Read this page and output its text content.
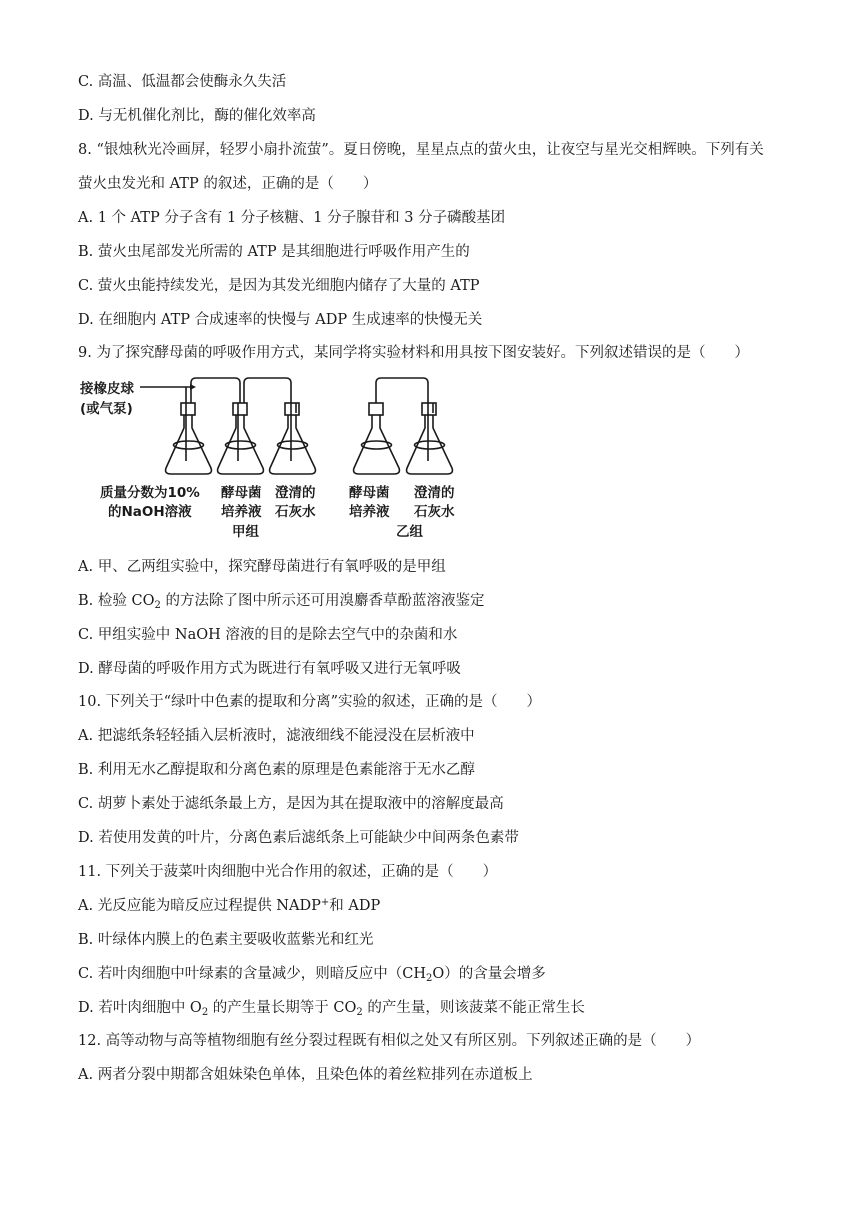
C. 高温、低温都会使酶永久失活
D. 与无机催化剂比，酶的催化效率高
8. “银烛秋光冷画屏，轻罗小扇扑流萤”。夏日傍晚，星星点点的萤火虫，让夜空与星光交相辉映。下列有关
萤火虫发光和 ATP 的叙述，正确的是（　　）
A. 1 个 ATP 分子含有 1 分子核糖、1 分子腺苷和 3 分子磷酸基团
B. 萤火虫尾部发光所需的 ATP 是其细胞进行呼吸作用产生的
C. 萤火虫能持续发光，是因为其发光细胞内储存了大量的 ATP
D. 在细胞内 ATP 合成速率的快慢与 ADP 生成速率的快慢无关
9. 为了探究酵母菌的呼吸作用方式，某同学将实验材料和用具按下图安装好。下列叙述错误的是（　　）
接橡皮球
(或气泵)
质量分数为10%
的NaOH溶液
酵母菌
培养液
澄清的
石灰水
甲组
酵母菌
培养液
澄清的
石灰水
乙组
A. 甲、乙两组实验中，探究酵母菌进行有氧呼吸的是甲组
B. 检验 $CO_2$ 的方法除了图中所示还可用溴麝香草酚蓝溶液鉴定
C. 甲组实验中 NaOH 溶液的目的是除去空气中的杂菌和水
D. 酵母菌的呼吸作用方式为既进行有氧呼吸又进行无氧呼吸
10. 下列关于“绿叶中色素的提取和分离”实验的叙述，正确的是（　　）
A. 把滤纸条轻轻插入层析液时，滤液细线不能浸没在层析液中
B. 利用无水乙醇提取和分离色素的原理是色素能溶于无水乙醇
C. 胡萝卜素处于滤纸条最上方，是因为其在提取液中的溶解度最高
D. 若使用发黄的叶片，分离色素后滤纸条上可能缺少中间两条色素带
11. 下列关于菠菜叶肉细胞中光合作用的叙述，正确的是（　　）
A. 光反应能为暗反应过程提供 NADP+和 ADP
B. 叶绿体内膜上的色素主要吸收蓝紫光和红光
C. 若叶肉细胞中叶绿素的含量减少，则暗反应中$(CH_2O)$的含量会增多
D. 若叶肉细胞中 $O_2$ 的产生量长期等于 $CO_2$ 的产生量，则该菠菜不能正常生长
12. 高等动物与高等植物细胞有丝分裂过程既有相似之处又有所区别。下列叙述正确的是（　　）
A. 两者分裂中期都含姐妹染色单体，且染色体的着丝粒排列在赤道板上
